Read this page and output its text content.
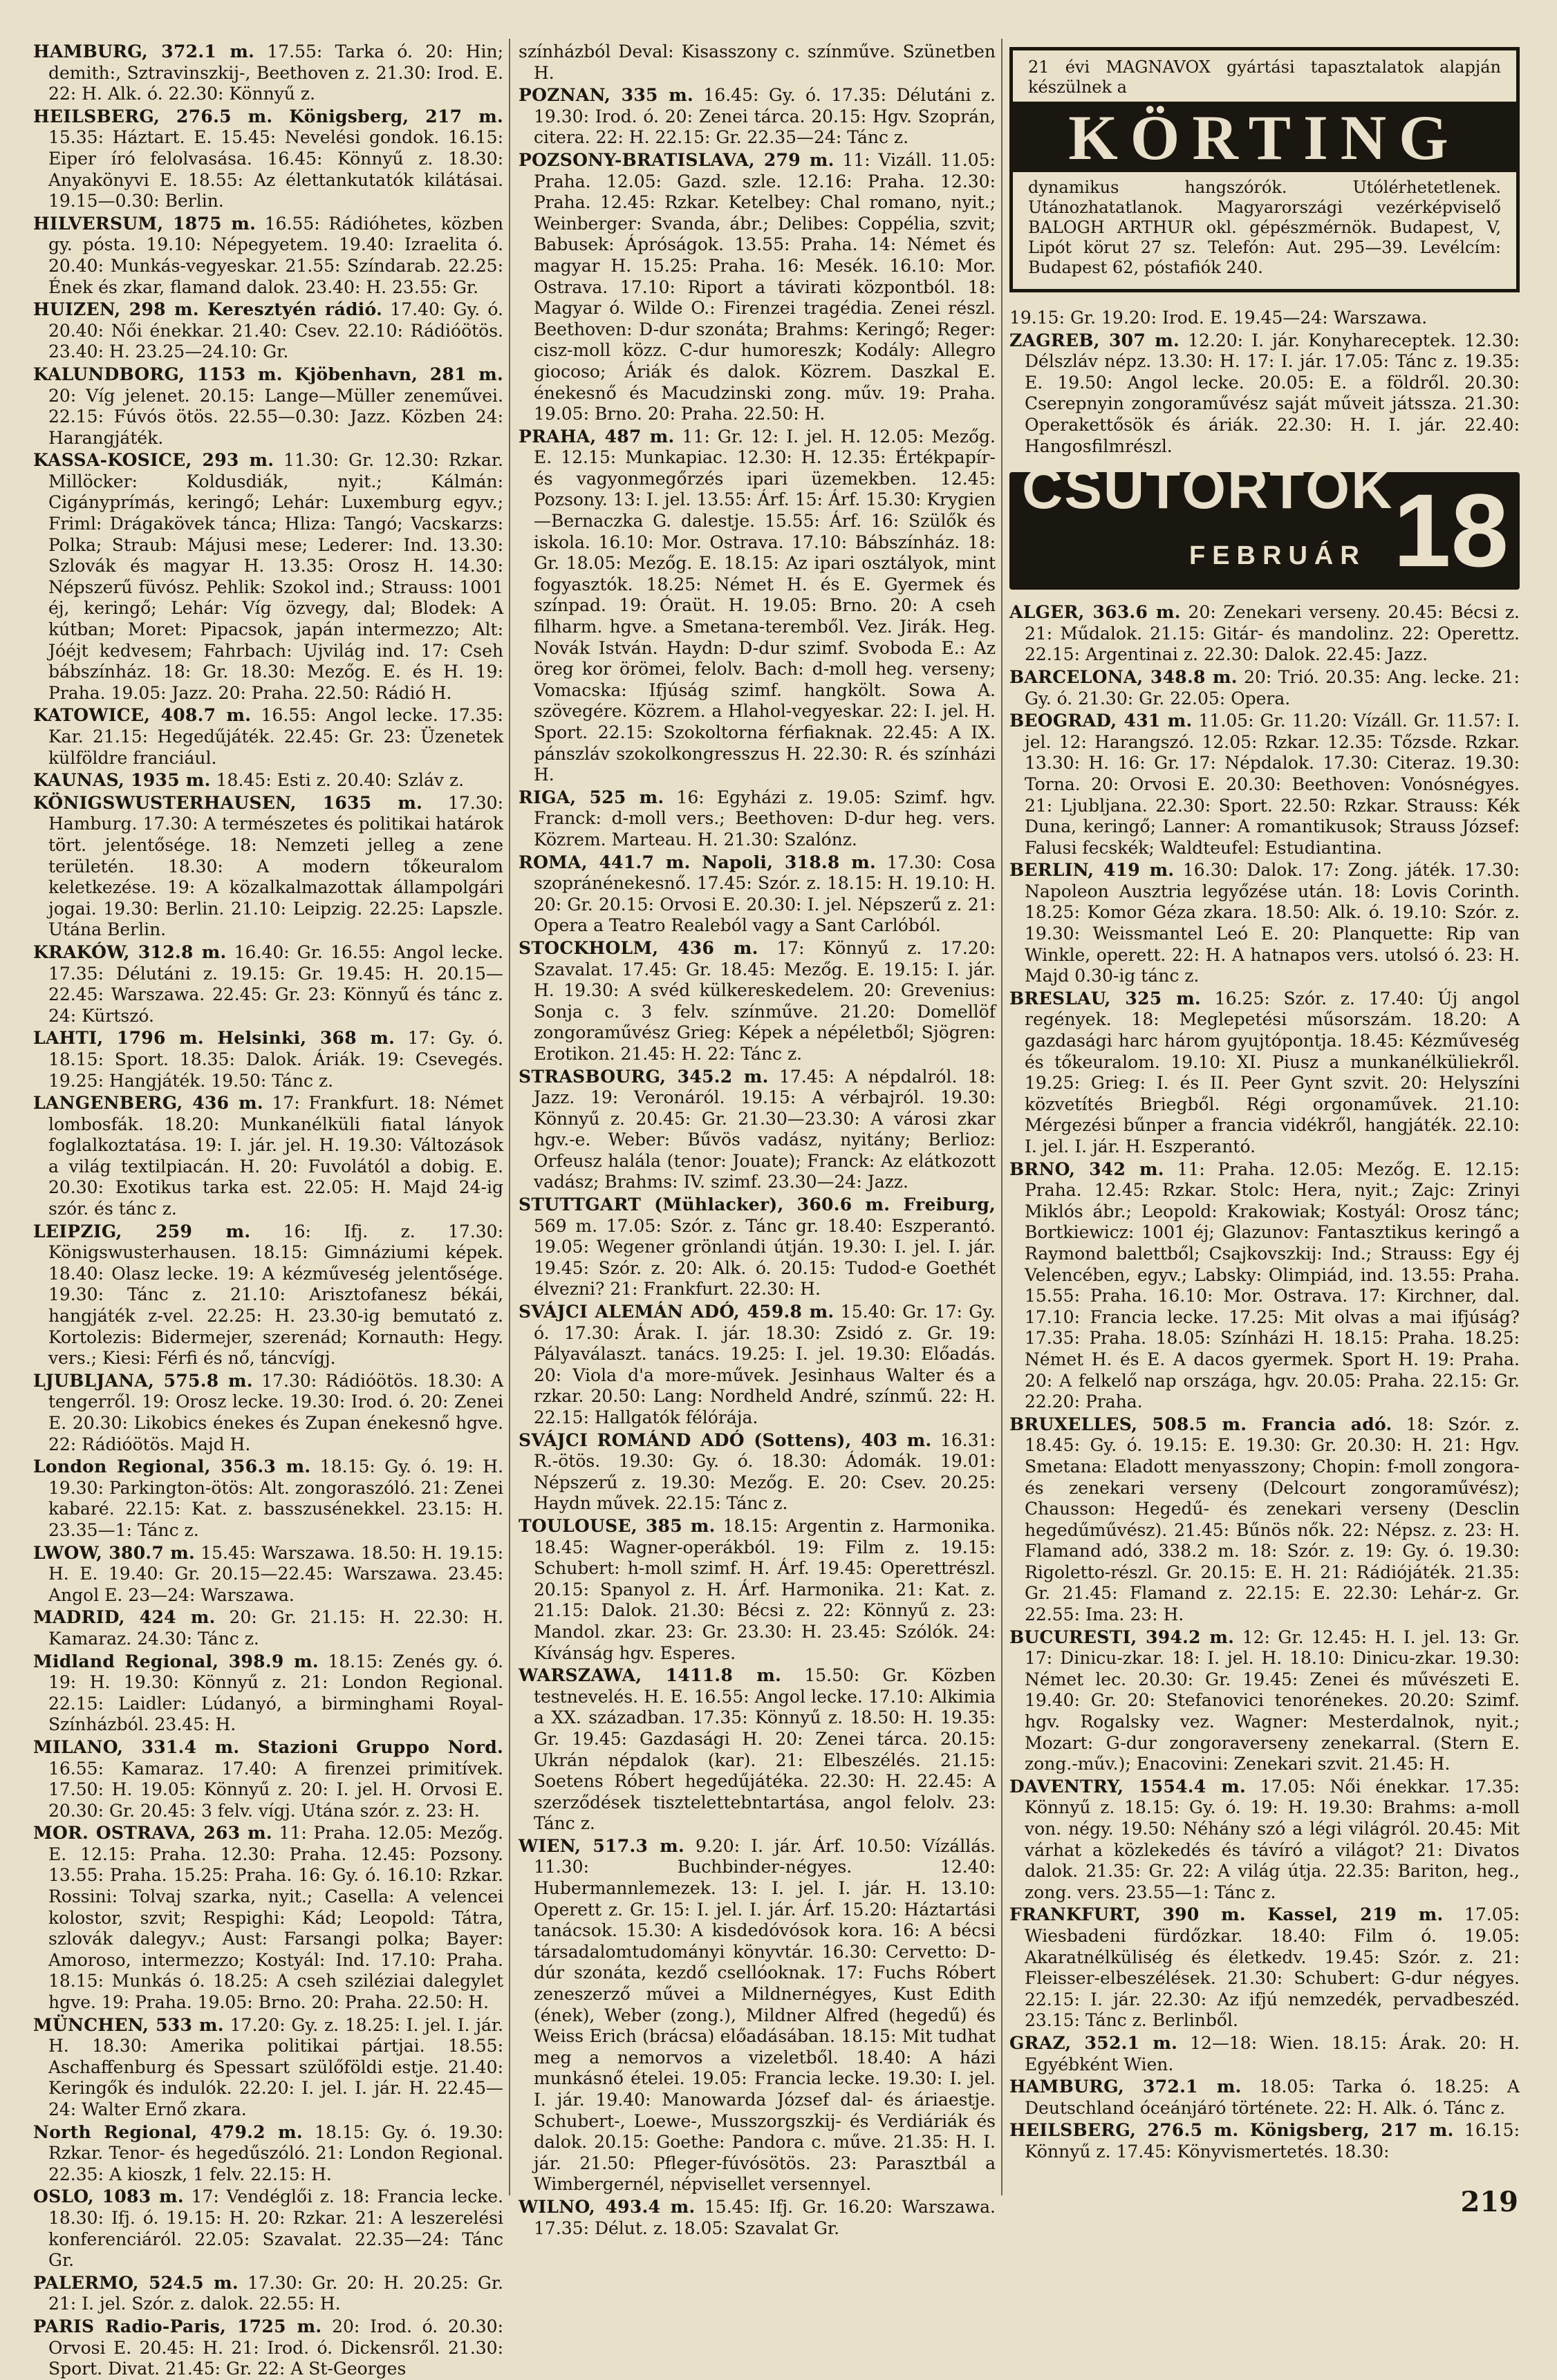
HAMBURG, 372.1 m. 17.55: Tarka ó. 20: Hin; demith:, Sztravinszkij-, Beethoven z. 21.30: Irod. E. 22: H. Alk. ó. 22.30: Könnyű z.
HEILSBERG, 276.5 m. Königsberg, 217 m. 15.35: Háztart. E. 15.45: Nevelési gondok. 16.15: Eiper író felolvasása. 16.45: Könnyű z. 18.30: Anyakönyvi E. 18.55: Az élettankutatók kilátásai. 19.15—0.30: Berlin.
HILVERSUM, 1875 m. 16.55: Rádióhetes, közben gy. pósta. 19.10: Népegyetem. 19.40: Izraelita ó. 20.40: Munkás-vegyeskar. 21.55: Színdarab. 22.25: Ének és zkar, flamand dalok. 23.40: H. 23.55: Gr.
HUIZEN, 298 m. Keresztyén rádió. 17.40: Gy. ó. 20.40: Női énekkar. 21.40: Csev. 22.10: Rádióötös. 23.40: H. 23.25—24.10: Gr.
KALUNDBORG, 1153 m. Kjöbenhavn, 281 m. 20: Víg jelenet. 20.15: Lange—Müller zeneművei. 22.15: Fúvós ötös. 22.55—0.30: Jazz. Közben 24: Harangjáték.
KASSA-KOSICE, 293 m. 11.30: Gr. 12.30: Rzkar. Millöcker: Koldusdiák, nyit.; Kálmán: Cigányprímás, keringő; Lehár: Luxemburg egyv.; Friml: Drágakövek tánca; Hliza: Tangó; Vacskarzs: Polka; Straub: Májusi mese; Lederer: Ind. 13.30: Szlovák és magyar H. 13.35: Orosz H. 14.30: Népszerű füvósz. Pehlik: Szokol ind.; Strauss: 1001 éj, keringő; Lehár: Víg özvegy, dal; Blodek: A kútban; Moret: Pipacsok, japán intermezzo; Alt: Jóéjt kedvesem; Fahrbach: Ujvilág ind. 17: Cseh bábszínház. 18: Gr. 18.30: Mezőg. E. és H. 19: Praha. 19.05: Jazz. 20: Praha. 22.50: Rádió H.
KATOWICE, 408.7 m. 16.55: Angol lecke. 17.35: Kar. 21.15: Hegedűjáték. 22.45: Gr. 23: Üzenetek külföldre franciául.
KAUNAS, 1935 m. 18.45: Esti z. 20.40: Szláv z.
KÖNIGSWUSTERHAUSEN, 1635 m. 17.30: Hamburg. 17.30: A természetes és politikai határok tört. jelentősége. 18: Nemzeti jelleg a zene területén. 18.30: A modern tőkeuralom keletkezése. 19: A közalkalmazottak állampolgári jogai. 19.30: Berlin. 21.10: Leipzig. 22.25: Lapszle. Utána Berlin.
KRAKÓW, 312.8 m. 16.40: Gr. 16.55: Angol lecke. 17.35: Délutáni z. 19.15: Gr. 19.45: H. 20.15—22.45: Warszawa. 22.45: Gr. 23: Könnyű és tánc z. 24: Kürtszó.
LAHTI, 1796 m. Helsinki, 368 m. 17: Gy. ó. 18.15: Sport. 18.35: Dalok. Áriák. 19: Csevegés. 19.25: Hangjáték. 19.50: Tánc z.
LANGENBERG, 436 m. 17: Frankfurt. 18: Német lombosfák. 18.20: Munkanélküli fiatal lányok foglalkoztatása. 19: I. jár. jel. H. 19.30: Változások a világ textilpiacán. H. 20: Fuvolától a dobig. E. 20.30: Exotikus tarka est. 22.05: H. Majd 24-ig szór. és tánc z.
LEIPZIG, 259 m. 16: Ifj. z. 17.30: Königswusterhausen. 18.15: Gimnáziumi képek. 18.40: Olasz lecke. 19: A kézműveség jelentősége. 19.30: Tánc z. 21.10: Arisztofanesz békái, hangjáték z-vel. 22.25: H. 23.30-ig bemutató z. Kortolezis: Bidermejer, szerenád; Kornauth: Hegy. vers.; Kiesi: Férfi és nő, táncvígj.
LJUBLJANA, 575.8 m. 17.30: Rádióötös. 18.30: A tengerről. 19: Orosz lecke. 19.30: Irod. ó. 20: Zenei E. 20.30: Likobics énekes és Zupan énekesnő hgve. 22: Rádióötös. Majd H.
London Regional, 356.3 m. 18.15: Gy. ó. 19: H. 19.30: Parkington-ötös: Alt. zongoraszóló. 21: Zenei kabaré. 22.15: Kat. z. basszusénekkel. 23.15: H. 23.35—1: Tánc z.
LWOW, 380.7 m. 15.45: Warszawa. 18.50: H. 19.15: H. E. 19.40: Gr. 20.15—22.45: Warszawa. 23.45: Angol E. 23—24: Warszawa.
MADRID, 424 m. 20: Gr. 21.15: H. 22.30: H. Kamaraz. 24.30: Tánc z.
Midland Regional, 398.9 m. 18.15: Zenés gy. ó. 19: H. 19.30: Könnyű z. 21: London Regional. 22.15: Laidler: Lúdanyó, a birminghami Royal-Színházból. 23.45: H.
MILANO, 331.4 m. Stazioni Gruppo Nord. 16.55: Kamaraz. 17.40: A firenzei primitívek. 17.50: H. 19.05: Könnyű z. 20: I. jel. H. Orvosi E. 20.30: Gr. 20.45: 3 felv. vígj. Utána szór. z. 23: H.
MOR. OSTRAVA, 263 m. 11: Praha. 12.05: Mezőg. E. 12.15: Praha. 12.30: Praha. 12.45: Pozsony. 13.55: Praha. 15.25: Praha. 16: Gy. ó. 16.10: Rzkar. Rossini: Tolvaj szarka, nyit.; Casella: A velencei kolostor, szvit; Respighi: Kád; Leopold: Tátra, szlovák dalegyv.; Aust: Farsangi polka; Bayer: Amoroso, intermezzo; Kostyál: Ind. 17.10: Praha. 18.15: Munkás ó. 18.25: A cseh sziléziai dalegylet hgve. 19: Praha. 19.05: Brno. 20: Praha. 22.50: H.
MÜNCHEN, 533 m. 17.20: Gy. z. 18.25: I. jel. I. jár. H. 18.30: Amerika politikai pártjai. 18.55: Aschaffenburg és Spessart szülőföldi estje. 21.40: Keringők és indulók. 22.20: I. jel. I. jár. H. 22.45—24: Walter Ernő zkara.
North Regional, 479.2 m. 18.15: Gy. ó. 19.30: Rzkar. Tenor- és hegedűszóló. 21: London Regional. 22.35: A kioszk, 1 felv. 22.15: H.
OSLO, 1083 m. 17: Vendéglői z. 18: Francia lecke. 18.30: Ifj. ó. 19.15: H. 20: Rzkar. 21: A leszerelési konferenciáról. 22.05: Szavalat. 22.35—24: Tánc Gr.
PALERMO, 524.5 m. 17.30: Gr. 20: H. 20.25: Gr. 21: I. jel. Szór. z. dalok. 22.55: H.
PARIS Radio-Paris, 1725 m. 20: Irod. ó. 20.30: Orvosi E. 20.45: H. 21: Irod. ó. Dickensről. 21.30: Sport. Divat. 21.45: Gr. 22: A St-Georges
színházból Deval: Kisasszony c. színműve. Szünetben H.
POZNAN, 335 m. 16.45: Gy. ó. 17.35: Délutáni z. 19.30: Irod. ó. 20: Zenei tárca. 20.15: Hgv. Szoprán, citera. 22: H. 22.15: Gr. 22.35—24: Tánc z.
POZSONY-BRATISLAVA, 279 m. 11: Vizáll. 11.05: Praha. 12.05: Gazd. szle. 12.16: Praha. 12.30: Praha. 12.45: Rzkar. Ketelbey: Chal romano, nyit.; Weinberger: Svanda, ábr.; Delibes: Coppélia, szvit; Babusek: Ápróságok. 13.55: Praha. 14: Német és magyar H. 15.25: Praha. 16: Mesék. 16.10: Mor. Ostrava. 17.10: Riport a távirati központból. 18: Magyar ó. Wilde O.: Firenzei tragédia. Zenei részl. Beethoven: D-dur szonáta; Brahms: Keringő; Reger: cisz-moll közz. C-dur humoreszk; Kodály: Allegro giocoso; Áriák és dalok. Közrem. Daszkal E. énekesnő és Macudzinski zong. műv. 19: Praha. 19.05: Brno. 20: Praha. 22.50: H.
PRAHA, 487 m. 11: Gr. 12: I. jel. H. 12.05: Mezőg. E. 12.15: Munkapiac. 12.30: H. 12.35: Értékpapír- és vagyonmegőrzés ipari üzemekben. 12.45: Pozsony. 13: I. jel. 13.55: Árf. 15: Árf. 15.30: Krygien—Bernaczka G. dalestje. 15.55: Árf. 16: Szülők és iskola. 16.10: Mor. Ostrava. 17.10: Bábszínház. 18: Gr. 18.05: Mezőg. E. 18.15: Az ipari osztályok, mint fogyasztók. 18.25: Német H. és E. Gyermek és színpad. 19: Óraüt. H. 19.05: Brno. 20: A cseh filharm. hgve. a Smetana-teremből. Vez. Jirák. Heg. Novák István. Haydn: D-dur szimf. Svoboda E.: Az öreg kor örömei, felolv. Bach: d-moll heg. verseny; Vomacska: Ifjúság szimf. hangkölt. Sowa A. szövegére. Közrem. a Hlahol-vegyeskar. 22: I. jel. H. Sport. 22.15: Szokoltorna férfiaknak. 22.45: A IX. pánszláv szokolkongresszus H. 22.30: R. és színházi H.
RIGA, 525 m. 16: Egyházi z. 19.05: Szimf. hgv. Franck: d-moll vers.; Beethoven: D-dur heg. vers. Közrem. Marteau. H. 21.30: Szalónz.
ROMA, 441.7 m. Napoli, 318.8 m. 17.30: Cosa szopránénekesnő. 17.45: Szór. z. 18.15: H. 19.10: H. 20: Gr. 20.15: Orvosi E. 20.30: I. jel. Népszerű z. 21: Opera a Teatro Realeból vagy a Sant Carlóból.
STOCKHOLM, 436 m. 17: Könnyű z. 17.20: Szavalat. 17.45: Gr. 18.45: Mezőg. E. 19.15: I. jár. H. 19.30: A svéd külkereskedelem. 20: Grevenius: Sonja c. 3 felv. színműve. 21.20: Domellöf zongoraművész Grieg: Képek a népéletből; Sjögren: Erotikon. 21.45: H. 22: Tánc z.
STRASBOURG, 345.2 m. 17.45: A népdalról. 18: Jazz. 19: Veronáról. 19.15: A vérbajról. 19.30: Könnyű z. 20.45: Gr. 21.30—23.30: A városi zkar hgv.-e. Weber: Bűvös vadász, nyitány; Berlioz: Orfeusz halála (tenor: Jouate); Franck: Az elátkozott vadász; Brahms: IV. szimf. 23.30—24: Jazz.
STUTTGART (Mühlacker), 360.6 m. Freiburg, 569 m. 17.05: Szór. z. Tánc gr. 18.40: Eszperantó. 19.05: Wegener grönlandi útján. 19.30: I. jel. I. jár. 19.45: Szór. z. 20: Alk. ó. 20.15: Tudod-e Goethét élvezni? 21: Frankfurt. 22.30: H.
SVÁJCI ALEMÁN ADÓ, 459.8 m. 15.40: Gr. 17: Gy. ó. 17.30: Árak. I. jár. 18.30: Zsidó z. Gr. 19: Pályaválaszt. tanács. 19.25: I. jel. 19.30: Előadás. 20: Viola d'a more-művek. Jesinhaus Walter és a rzkar. 20.50: Lang: Nordheld André, színmű. 22: H. 22.15: Hallgatók félórája.
SVÁJCI ROMÁND ADÓ (Sottens), 403 m. 16.31: R.-ötös. 19.30: Gy. ó. 18.30: Ádomák. 19.01: Népszerű z. 19.30: Mezőg. E. 20: Csev. 20.25: Haydn művek. 22.15: Tánc z.
TOULOUSE, 385 m. 18.15: Argentin z. Harmonika. 18.45: Wagner-operákból. 19: Film z. 19.15: Schubert: h-moll szimf. H. Árf. 19.45: Operettrészl. 20.15: Spanyol z. H. Árf. Harmonika. 21: Kat. z. 21.15: Dalok. 21.30: Bécsi z. 22: Könnyű z. 23: Mandol. zkar. 23: Gr. 23.30: H. 23.45: Szólók. 24: Kívánság hgv. Esperes.
WARSZAWA, 1411.8 m. 15.50: Gr. Közben testnevelés. H. E. 16.55: Angol lecke. 17.10: Alkimia a XX. században. 17.35: Könnyű z. 18.50: H. 19.35: Gr. 19.45: Gazdasági H. 20: Zenei tárca. 20.15: Ukrán népdalok (kar). 21: Elbeszélés. 21.15: Soetens Róbert hegedűjátéka. 22.30: H. 22.45: A szerződések tisztelettebntartása, angol felolv. 23: Tánc z.
WIEN, 517.3 m. 9.20: I. jár. Árf. 10.50: Vízállás. 11.30: Buchbinder-négyes. 12.40: Hubermannlemezek. 13: I. jel. I. jár. H. 13.10: Operett z. Gr. 15: I. jel. I. jár. Árf. 15.20: Háztartási tanácsok. 15.30: A kisdedóvósok kora. 16: A bécsi társadalomtudományi könyvtár. 16.30: Cervetto: D-dúr szonáta, kezdő csellóoknak. 17: Fuchs Róbert zeneszerző művei a Mildnernégyes, Kust Edith (ének), Weber (zong.), Mildner Alfred (hegedű) és Weiss Erich (brácsa) előadásában. 18.15: Mit tudhat meg a nemorvos a vizeletből. 18.40: A házi munkásnő ételei. 19.05: Francia lecke. 19.30: I. jel. I. jár. 19.40: Manowarda József dal- és áriaestje. Schubert-, Loewe-, Musszorgszkij- és Verdiáriák és dalok. 20.15: Goethe: Pandora c. műve. 21.35: H. I. jár. 21.50: Pfleger-fúvósötös. 23: Parasztbál a Wimbergernél, népvisellet versennyel.
WILNO, 493.4 m. 15.45: Ifj. Gr. 16.20: Warszawa. 17.35: Délut. z. 18.05: Szavalat Gr.
21 évi MAGNAVOX gyártási tapasztalatok alapján készülnek a
KÖRTING
dynamikus hangszórók. Utólérhetetlenek. Utánozhatatlanok. Magyarországi vezérképviselő BALOGH ARTHUR okl. gépészmérnök. Budapest, V, Lipót körut 27 sz. Telefón: Aut. 295—39. Levélcím: Budapest 62, póstafiók 240.
19.15: Gr. 19.20: Irod. E. 19.45—24: Warszawa.
ZAGREB, 307 m. 12.20: I. jár. Konyhareceptek. 12.30: Délszláv népz. 13.30: H. 17: I. jár. 17.05: Tánc z. 19.35: E. 19.50: Angol lecke. 20.05: E. a földről. 20.30: Cserepnyin zongoraművész saját műveit játssza. 21.30: Operakettősök és áriák. 22.30: H. I. jár. 22.40: Hangosfilmrészl.
CSÜTÖRTÖK
FEBRUÁR 18
ALGER, 363.6 m. 20: Zenekari verseny. 20.45: Bécsi z. 21: Műdalok. 21.15: Gitár- és mandolinz. 22: Operettz. 22.15: Argentinai z. 22.30: Dalok. 22.45: Jazz.
BARCELONA, 348.8 m. 20: Trió. 20.35: Ang. lecke. 21: Gy. ó. 21.30: Gr. 22.05: Opera.
BEOGRAD, 431 m. 11.05: Gr. 11.20: Vízáll. Gr. 11.57: I. jel. 12: Harangszó. 12.05: Rzkar. 12.35: Tőzsde. Rzkar. 13.30: H. 16: Gr. 17: Népdalok. 17.30: Citeraz. 19.30: Torna. 20: Orvosi E. 20.30: Beethoven: Vonósnégyes. 21: Ljubljana. 22.30: Sport. 22.50: Rzkar. Strauss: Kék Duna, keringő; Lanner: A romantikusok; Strauss József: Falusi fecskék; Waldteufel: Estudiantina.
BERLIN, 419 m. 16.30: Dalok. 17: Zong. játék. 17.30: Napoleon Ausztria legyőzése után. 18: Lovis Corinth. 18.25: Komor Géza zkara. 18.50: Alk. ó. 19.10: Szór. z. 19.30: Weissmantel Leó E. 20: Planquette: Rip van Winkle, operett. 22: H. A hatnapos vers. utolsó ó. 23: H. Majd 0.30-ig tánc z.
BRESLAU, 325 m. 16.25: Szór. z. 17.40: Új angol regények. 18: Meglepetési műsorszám. 18.20: A gazdasági harc három gyujtópontja. 18.45: Kézműveség és tőkeuralom. 19.10: XI. Piusz a munkanélküliekről. 19.25: Grieg: I. és II. Peer Gynt szvit. 20: Helyszíni közvetítés Briegből. Régi orgonaművek. 21.10: Mérgezési bűnper a francia vidékről, hangjáték. 22.10: I. jel. I. jár. H. Eszperantó.
BRNO, 342 m. 11: Praha. 12.05: Mezőg. E. 12.15: Praha. 12.45: Rzkar. Stolc: Hera, nyit.; Zajc: Zrinyi Miklós ábr.; Leopold: Krakowiak; Kostyál: Orosz tánc; Bortkiewicz: 1001 éj; Glazunov: Fantasztikus keringő a Raymond balettből; Csajkovszkij: Ind.; Strauss: Egy éj Velencében, egyv.; Labsky: Olimpiád, ind. 13.55: Praha. 15.55: Praha. 16.10: Mor. Ostrava. 17: Kirchner, dal. 17.10: Francia lecke. 17.25: Mit olvas a mai ifjúság? 17.35: Praha. 18.05: Színházi H. 18.15: Praha. 18.25: Német H. és E. A dacos gyermek. Sport H. 19: Praha. 20: A felkelő nap országa, hgv. 20.05: Praha. 22.15: Gr. 22.20: Praha.
BRUXELLES, 508.5 m. Francia adó. 18: Szór. z. 18.45: Gy. ó. 19.15: E. 19.30: Gr. 20.30: H. 21: Hgv. Smetana: Eladott menyasszony; Chopin: f-moll zongora- és zenekari verseny (Delcourt zongoraművész); Chausson: Hegedű- és zenekari verseny (Desclin hegedűművész). 21.45: Bűnös nők. 22: Népsz. z. 23: H. Flamand adó, 338.2 m. 18: Szór. z. 19: Gy. ó. 19.30: Rigoletto-részl. Gr. 20.15: E. H. 21: Rádiójáték. 21.35: Gr. 21.45: Flamand z. 22.15: E. 22.30: Lehár-z. Gr. 22.55: Ima. 23: H.
BUCURESTI, 394.2 m. 12: Gr. 12.45: H. I. jel. 13: Gr. 17: Dinicu-zkar. 18: I. jel. H. 18.10: Dinicu-zkar. 19.30: Német lec. 20.30: Gr. 19.45: Zenei és művészeti E. 19.40: Gr. 20: Stefanovici tenorénekes. 20.20: Szimf. hgv. Rogalsky vez. Wagner: Mesterdalnok, nyit.; Mozart: G-dur zongoraverseny zenekarral. (Stern E. zong.-műv.); Enacovini: Zenekari szvit. 21.45: H.
DAVENTRY, 1554.4 m. 17.05: Női énekkar. 17.35: Könnyű z. 18.15: Gy. ó. 19: H. 19.30: Brahms: a-moll von. négy. 19.50: Néhány szó a légi világról. 20.45: Mit várhat a közlekedés és távíró a világot? 21: Divatos dalok. 21.35: Gr. 22: A világ útja. 22.35: Bariton, heg., zong. vers. 23.55—1: Tánc z.
FRANKFURT, 390 m. Kassel, 219 m. 17.05: Wiesbadeni fürdőzkar. 18.40: Film ó. 19.05: Akaratnélküliség és életkedv. 19.45: Szór. z. 21: Fleisser-elbeszélések. 21.30: Schubert: G-dur négyes. 22.15: I. jár. 22.30: Az ifjú nemzedék, pervadbeszéd. 23.15: Tánc z. Berlinből.
GRAZ, 352.1 m. 12—18: Wien. 18.15: Árak. 20: H. Egyébként Wien.
HAMBURG, 372.1 m. 18.05: Tarka ó. 18.25: A Deutschland óceánjáró története. 22: H. Alk. ó. Tánc z.
HEILSBERG, 276.5 m. Königsberg, 217 m. 16.15: Könnyű z. 17.45: Könyvismertetés. 18.30:
219
